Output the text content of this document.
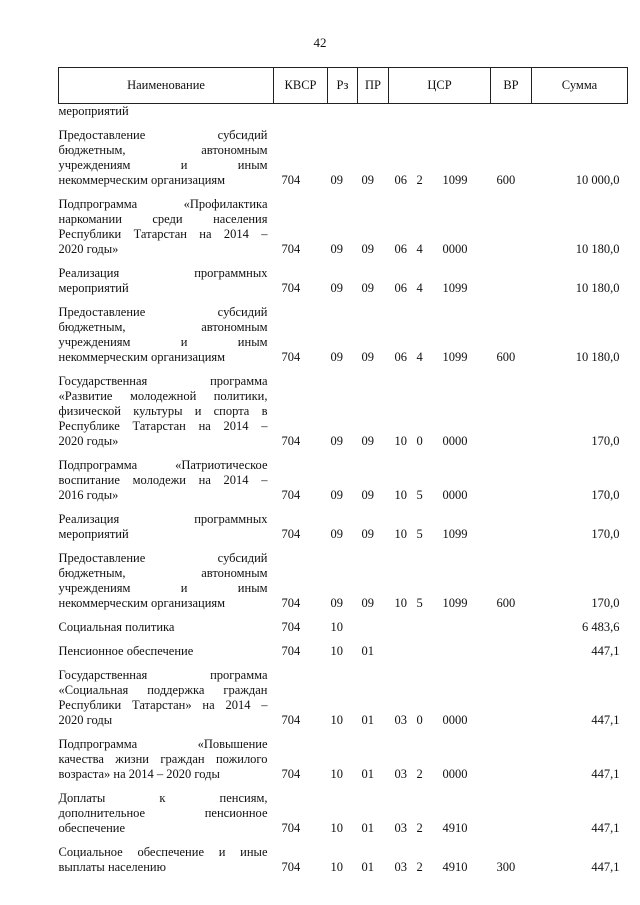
42
Наименование	КВСР	Рз	ПР	ЦСР	ВР	Сумма

мероприятий						

Предоставление субсидий
бюджетным, автономным
учреждениям и иным
некоммерческим организациям	704	09	09	06 2 1099	600	10 000,0

Подпрограмма «Профилактика
наркомании среди населения
Республики Татарстан на 2014 –
2020 годы»	704	09	09	06 4 0000		10 180,0

Реализация программных
мероприятий	704	09	09	06 4 1099		10 180,0

Предоставление субсидий
бюджетным, автономным
учреждениям и иным
некоммерческим организациям	704	09	09	06 4 1099	600	10 180,0

Государственная программа
«Развитие молодежной политики,
физической культуры и спорта в
Республике Татарстан на 2014 –
2020 годы»	704	09	09	10 0 0000		170,0

Подпрограмма «Патриотическое
воспитание молодежи на 2014 –
2016 годы»	704	09	09	10 5 0000		170,0

Реализация программных
мероприятий	704	09	09	10 5 1099		170,0

Предоставление субсидий
бюджетным, автономным
учреждениям и иным
некоммерческим организациям	704	09	09	10 5 1099	600	170,0

Социальная политика	704	10				6 483,6

Пенсионное обеспечение	704	10	01			447,1

Государственная программа
«Социальная поддержка граждан
Республики Татарстан» на 2014 –
2020 годы	704	10	01	03 0 0000		447,1

Подпрограмма «Повышение
качества жизни граждан пожилого
возраста» на 2014 – 2020 годы	704	10	01	03 2 0000		447,1

Доплаты к пенсиям,
дополнительное пенсионное
обеспечение	704	10	01	03 2 4910		447,1

Социальное обеспечение и иные
выплаты населению	704	10	01	03 2 4910	300	447,1
